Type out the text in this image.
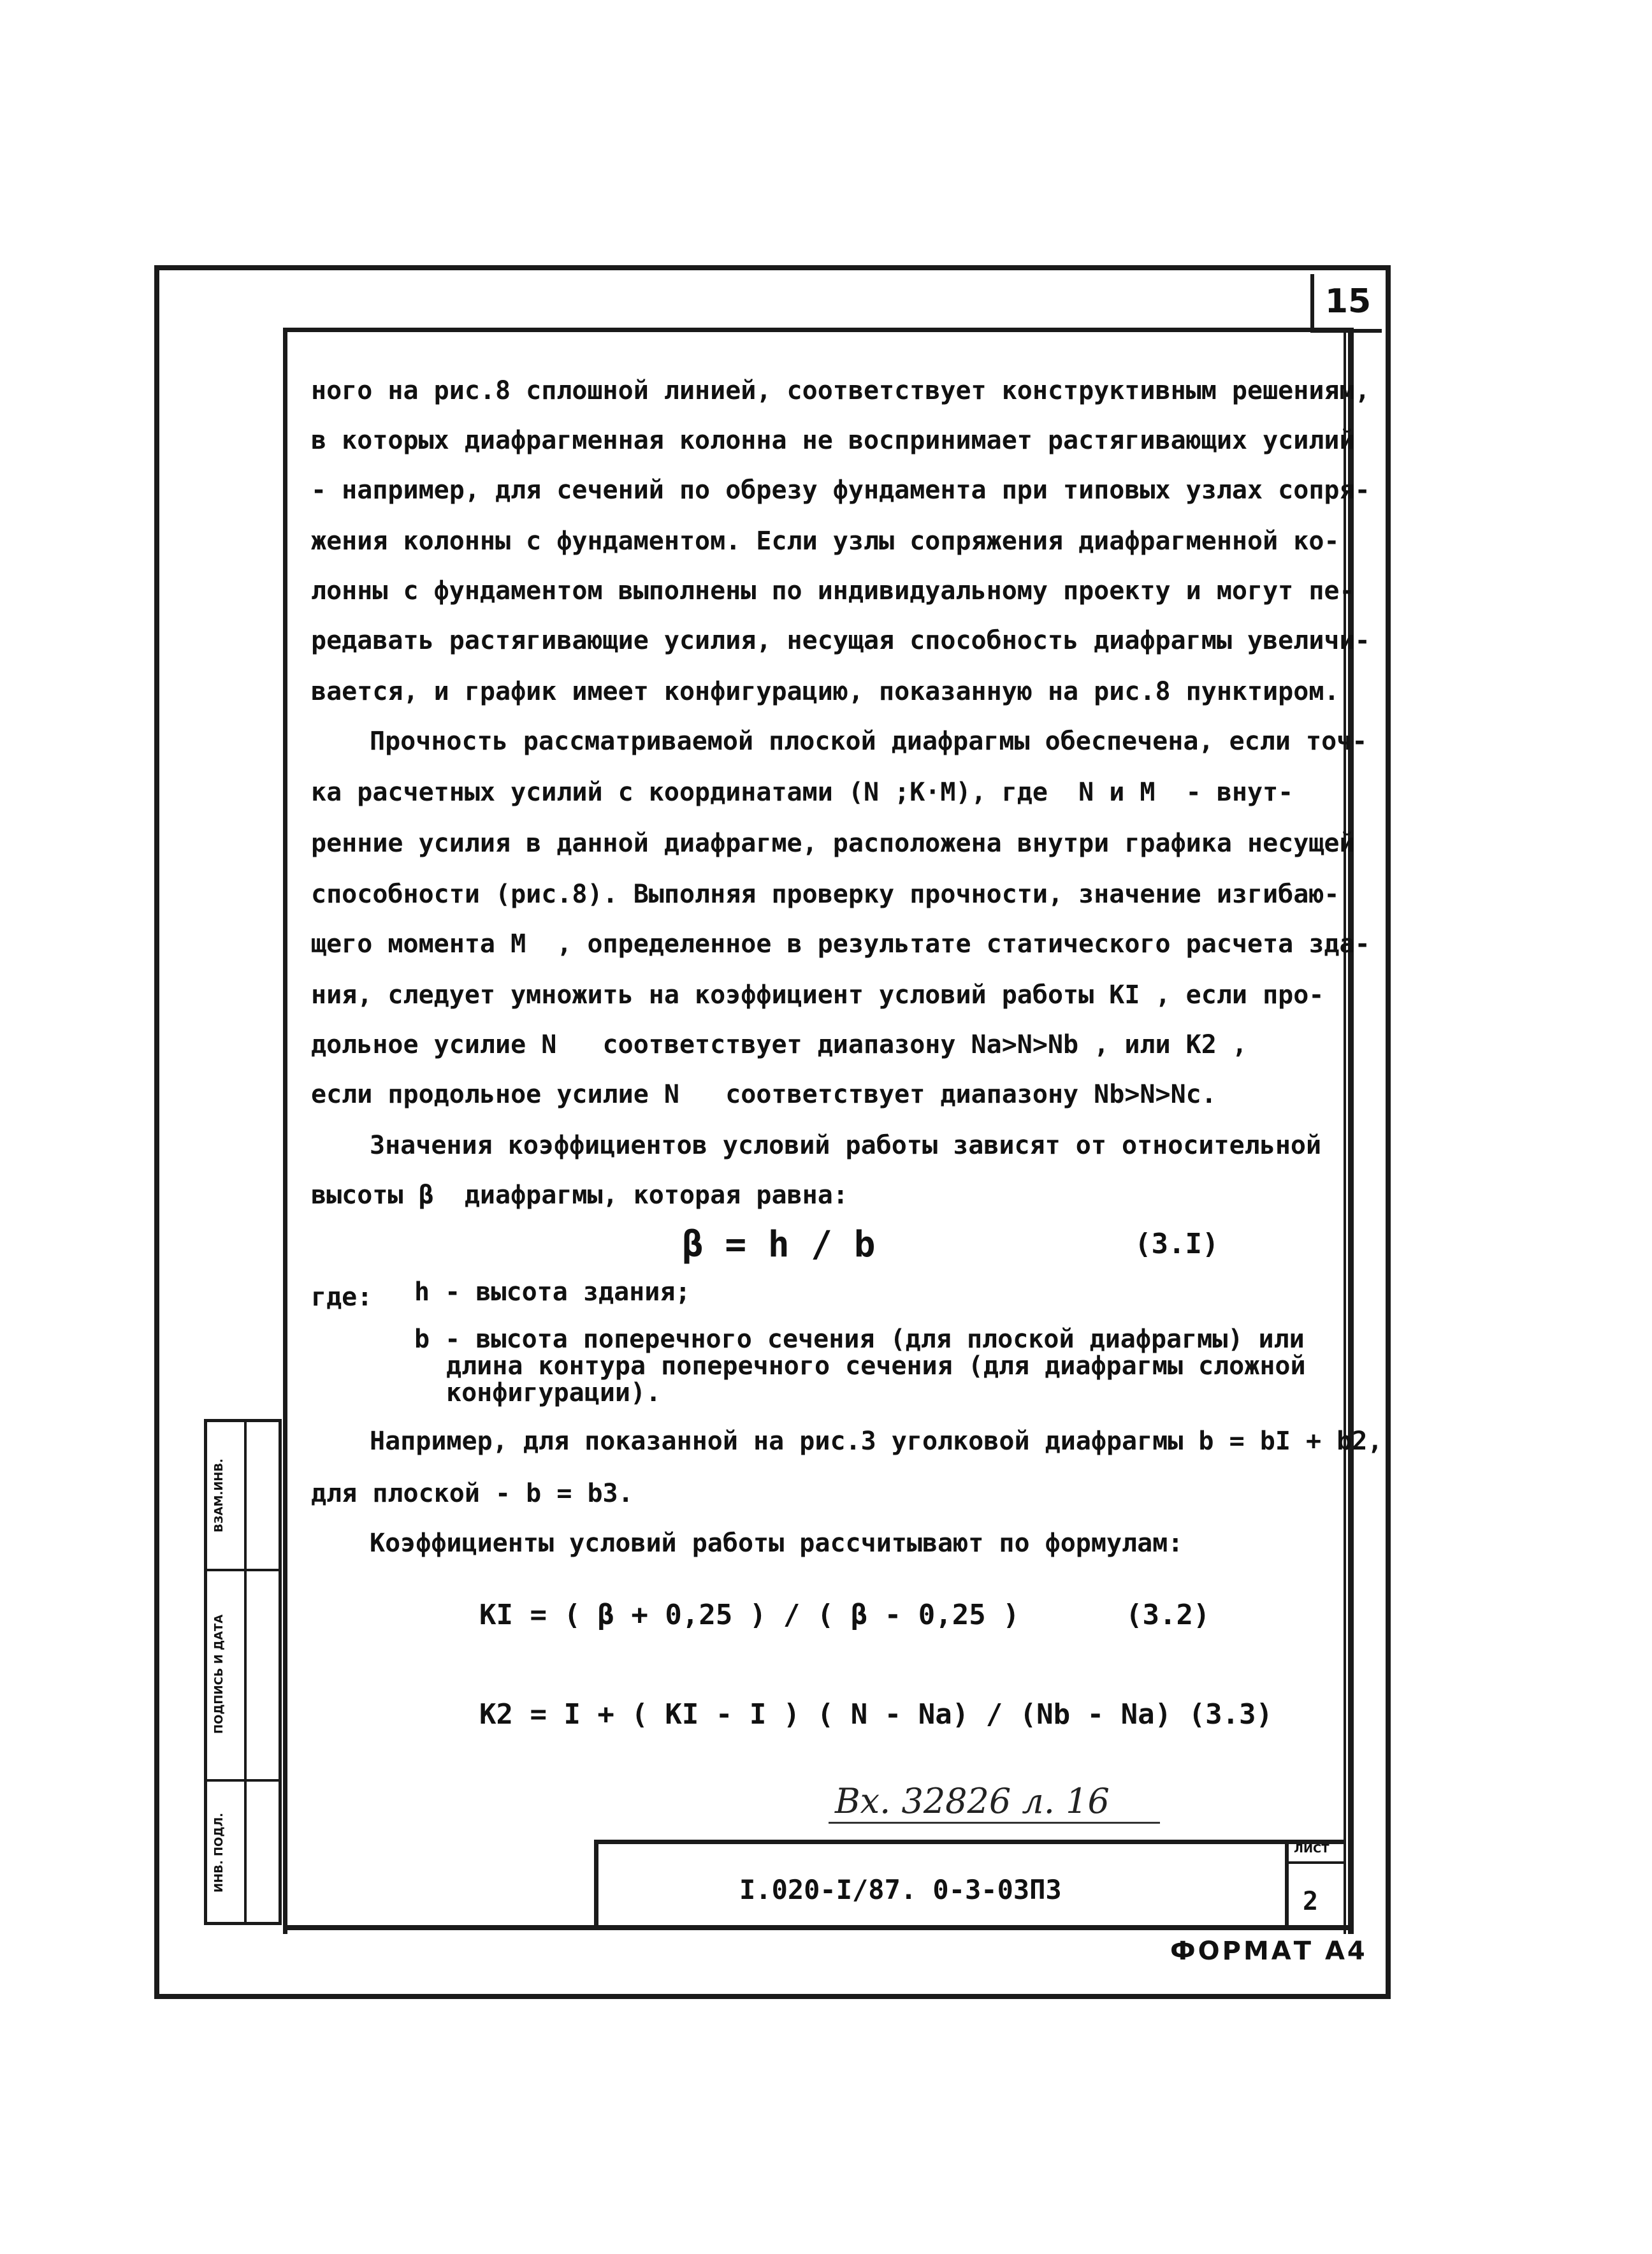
15
ного на рис.8 сплошной линией, соответствует конструктивным решениям,
в которых диафрагменная колонна не воспринимает растягивающих усилий
- например, для сечений по обрезу фундамента при типовых узлах сопря-
жения колонны с фундаментом. Если узлы сопряжения диафрагменной ко-
лонны с фундаментом выполнены по индивидуальному проекту и могут пе-
редавать растягивающие усилия, несущая способность диафрагмы увеличи-
вается, и график имеет конфигурацию, показанную на рис.8 пунктиром.
Прочность рассматриваемой плоской диафрагмы обеспечена, если точ-
ка расчетных усилий с координатами (N ;K·M), где  N и M  - внут-
ренние усилия в данной диафрагме, расположена внутри графика несущей
способности (рис.8). Выполняя проверку прочности, значение изгибаю-
щего момента M  , определенное в результате статического расчета зда-
ния, следует умножить на коэффициент условий работы KI , если про-
дольное усилие N   соответствует диапазону Na>N>Nb , или K2 ,
если продольное усилие N   соответствует диапазону Nb>N>Nc.
Значения коэффициентов условий работы зависят от относительной
высоты β  диафрагмы, которая равна:
β = h / b	(3.I)
где: h - высота здания;
b - высота поперечного сечения (для плоской диафрагмы) или
длина контура поперечного сечения (для диафрагмы сложной
конфигурации).
Например, для показанной на рис.3 уголковой диафрагмы b = bI + b2,
для плоской - b = b3.
Коэффициенты условий работы рассчитывают по формулам:
KI = ( β + 0,25 ) / ( β - 0,25 )	(3.2)
K2 = I + ( KI - I ) ( N - Na) / (Nb - Na) (3.3)
Вх. 32826 л. 16
I.020-I/87. 0-3-03ПЗ
ЛИСТ
2
ВЗАМ.ИНВ.
ПОДПИСЬ И ДАТА
ИНВ. ПОДЛ.
ФОРМАТ А4
